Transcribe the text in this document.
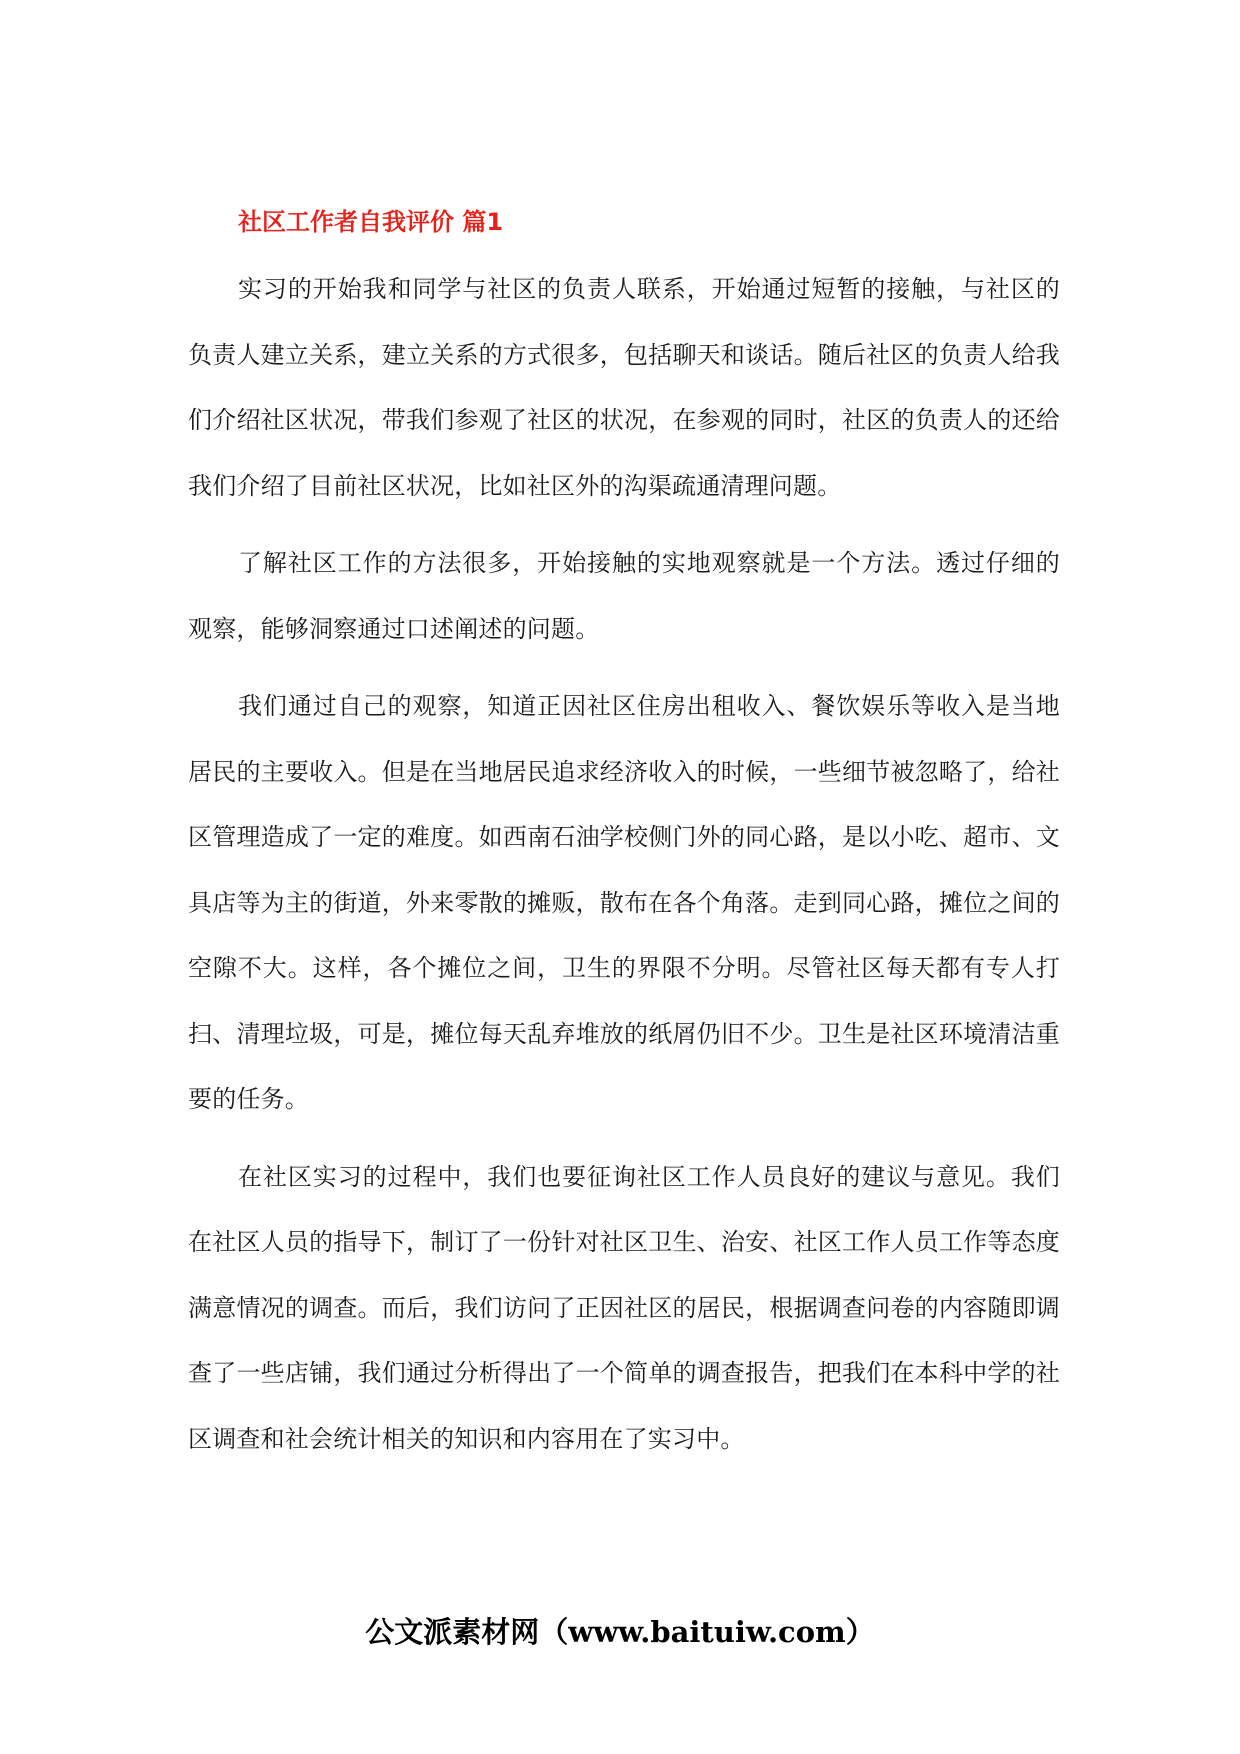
社区工作者自我评价 篇1

实习的开始我和同学与社区的负责人联系，开始通过短暂的接触，与社区的负责人建立关系，建立关系的方式很多，包括聊天和谈话。随后社区的负责人给我们介绍社区状况，带我们参观了社区的状况，在参观的同时，社区的负责人的还给我们介绍了目前社区状况，比如社区外的沟渠疏通清理问题。

了解社区工作的方法很多，开始接触的实地观察就是一个方法。透过仔细的观察，能够洞察通过口述阐述的问题。

我们通过自己的观察，知道正因社区住房出租收入、餐饮娱乐等收入是当地居民的主要收入。但是在当地居民追求经济收入的时候，一些细节被忽略了，给社区管理造成了一定的难度。如西南石油学校侧门外的同心路，是以小吃、超市、文具店等为主的街道，外来零散的摊贩，散布在各个角落。走到同心路，摊位之间的空隙不大。这样，各个摊位之间，卫生的界限不分明。尽管社区每天都有专人打扫、清理垃圾，可是，摊位每天乱弃堆放的纸屑仍旧不少。卫生是社区环境清洁重要的任务。

在社区实习的过程中，我们也要征询社区工作人员良好的建议与意见。我们在社区人员的指导下，制订了一份针对社区卫生、治安、社区工作人员工作等态度满意情况的调查。而后，我们访问了正因社区的居民，根据调查问卷的内容随即调查了一些店铺，我们通过分析得出了一个简单的调查报告，把我们在本科中学的社区调查和社会统计相关的知识和内容用在了实习中。

公文派素材网（www.baituiw.com）
